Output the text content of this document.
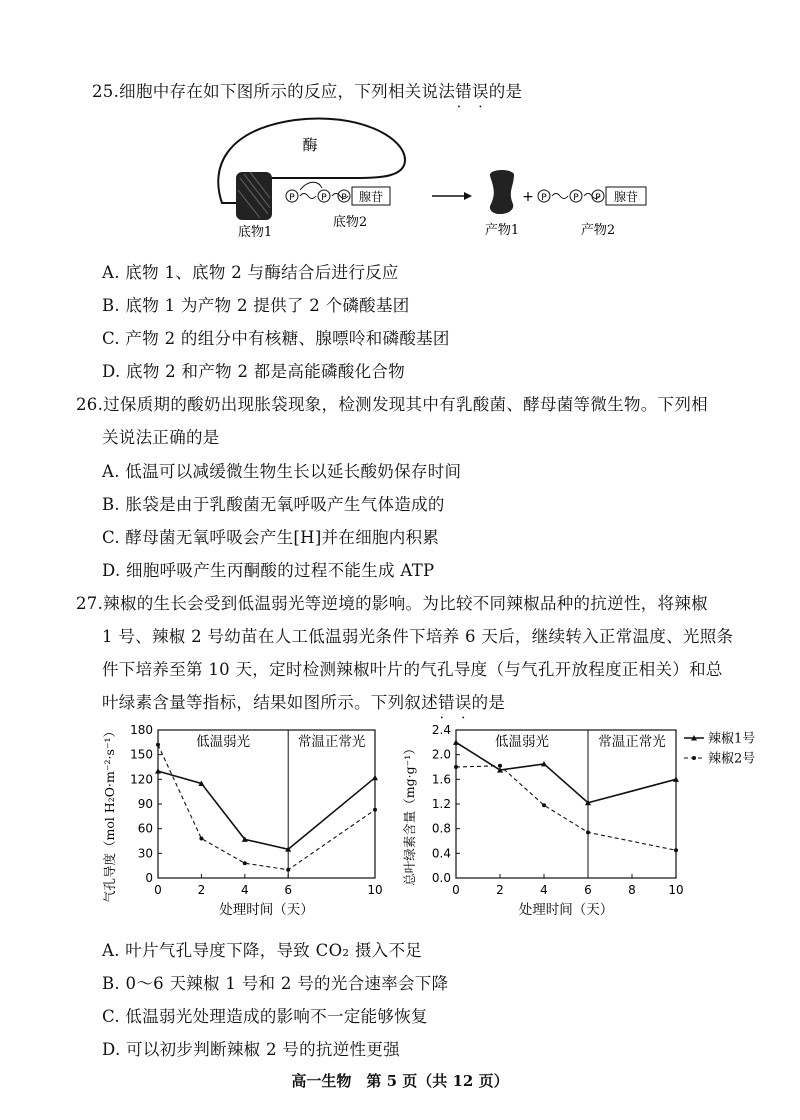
25.细胞中存在如下图所示的反应，下列相关说法错误 • •的是
酶
底物1
P	P P 腺苷
底物2
产物1
+ P	P P 腺苷
产物2
A. 底物 1、底物 2 与酶结合后进行反应
B. 底物 1 为产物 2 提供了 2 个磷酸基团
C. 产物 2 的组分中有核糖、腺嘌呤和磷酸基团
D. 底物 2 和产物 2 都是高能磷酸化合物
26.过保质期的酸奶出现胀袋现象，检测发现其中有乳酸菌、酵母菌等微生物。下列相
关说法正确的是
A. 低温可以减缓微生物生长以延长酸奶保存时间
B. 胀袋是由于乳酸菌无氧呼吸产生气体造成的
C. 酵母菌无氧呼吸会产生[H]并在细胞内积累
D. 细胞呼吸产生丙酮酸的过程不能生成 ATP
27.辣椒的生长会受到低温弱光等逆境的影响。为比较不同辣椒品种的抗逆性，将辣椒
1 号、辣椒 2 号幼苗在人工低温弱光条件下培养 6 天后，继续转入正常温度、光照条
件下培养至第 10 天，定时检测辣椒叶片的气孔导度（与气孔开放程度正相关）和总
叶绿素含量等指标，结果如图所示。下列叙述错误 • •的是
0
30
60
90
120
150
180
0	2	4	6	10
低温弱光	常温正常光
处理时间（天）
气孔导度（mol H₂O·m⁻²·s⁻¹）	0.0
0.4
0.8
1.2
1.6
2.0
2.4
0	2	4	6	8	10
低温弱光	常温正常光
处理时间（天）
总叶绿素含量（mg·g⁻¹）
辣椒1号
辣椒2号
A. 叶片气孔导度下降，导致 CO₂ 摄入不足
B. 0～6 天辣椒 1 号和 2 号的光合速率会下降
C. 低温弱光处理造成的影响不一定能够恢复
D. 可以初步判断辣椒 2 号的抗逆性更强
高一生物　第 5 页（共 12 页）
